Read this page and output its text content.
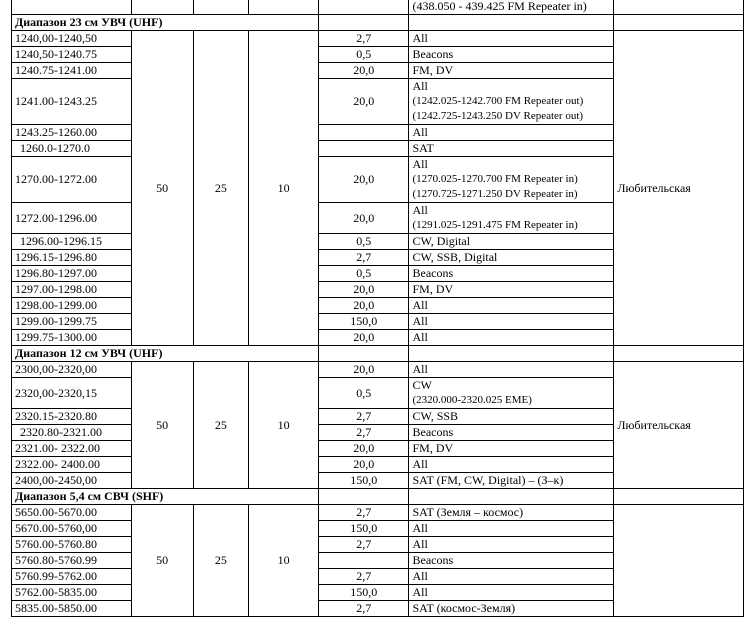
					(438.050 - 439.425 FM Repeater in)	
Диапазон 23 см УВЧ (UHF)						
1240,00-1240,50	50	25	10	2,7	All	Любительская
1240,50-1240.75				0,5	Beacons	

1240.75-1241.00				20,0	FM, DV	

1241.00-1243.25				20,0	All
(1242.025-1242.700 FM Repeater out)
(1242.725-1243.250 DV Repeater out)	

1243.25-1260.00					All	

1260.0-1270.0					SAT	

1270.00-1272.00				20,0	All
(1270.025-1270.700 FM Repeater in)
(1270.725-1271.250 DV Repeater in)	

1272.00-1296.00				20,0	All
(1291.025-1291.475 FM Repeater in)	

1296.00-1296.15				0,5	CW, Digital	

1296.15-1296.80				2,7	CW, SSB, Digital	

1296.80-1297.00				0,5	Beacons	

1297.00-1298.00				20,0	FM, DV	

1298.00-1299.00				20,0	All	

1299.00-1299.75				150,0	All	

1299.75-1300.00				20,0	All	

Диапазон 12 см УВЧ (UHF)						
2300,00-2320,00	50	25	10	20,0	All	Любительская
2320,00-2320,15				0,5	CW
(2320.000-2320.025 EME)	

2320.15-2320.80				2,7	CW, SSB	

2320.80-2321.00				2,7	Beacons	

2321.00- 2322.00				20,0	FM, DV	

2322.00- 2400.00				20,0	All	

2400,00-2450,00				150,0	SAT (FM, CW, Digital) – (З–к)	

Диапазон 5,4 см СВЧ (SHF)						
5650.00-5670.00	50	25	10	2,7	SAT (Земля – космос)	

5670.00-5760,00				150,0	All	

5760.00-5760.80				2,7	All	

5760.80-5760.99					Beacons	

5760.99-5762.00				2,7	All	

5762.00-5835.00				150,0	All	

5835.00-5850.00				2,7	SAT (космос-Земля)	
